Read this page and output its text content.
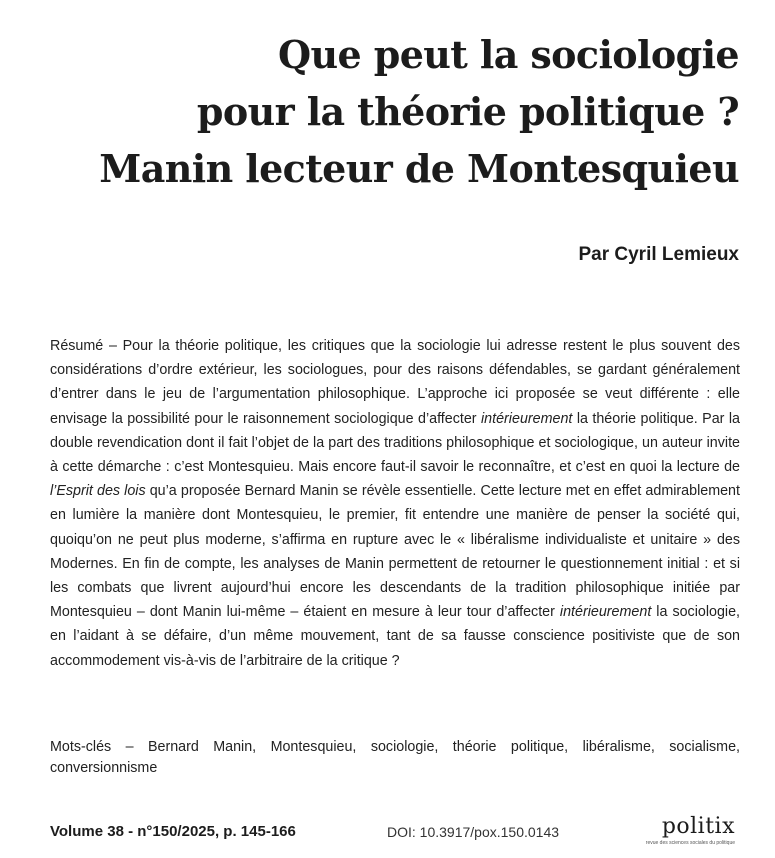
Que peut la sociologie
pour la théorie politique ?
Manin lecteur de Montesquieu
Par Cyril Lemieux

Résumé – Pour la théorie politique, les critiques que la sociologie lui adresse restent le plus souvent des considérations d’ordre extérieur, les sociologues, pour des raisons défendables, se gardant généralement d’entrer dans le jeu de l’argumentation philosophique. L’approche ici proposée se veut différente : elle envisage la possibilité pour le raisonnement sociologique d’affecter intérieurement la théorie politique. Par la double revendication dont il fait l’objet de la part des traditions philosophique et sociologique, un auteur invite à cette démarche : c’est Montesquieu. Mais encore faut-il savoir le reconnaître, et c’est en quoi la lecture de l’Esprit des lois qu’a proposée Bernard Manin se révèle essentielle. Cette lecture met en effet admirablement en lumière la manière dont Montesquieu, le premier, fit entendre une manière de penser la société qui, quoiqu’on ne peut plus moderne, s’affirma en rupture avec le « libéralisme individualiste et unitaire » des Modernes. En fin de compte, les analyses de Manin permettent de retourner le questionnement initial : et si les combats que livrent aujourd’hui encore les descendants de la tradition philosophique initiée par Montesquieu – dont Manin lui-même – étaient en mesure à leur tour d’affecter intérieurement la sociologie, en l’aidant à se défaire, d’un même mouvement, tant de sa fausse conscience positiviste que de son accommodement vis-à-vis de l’arbitraire de la critique ?

Mots-clés – Bernard Manin, Montesquieu, sociologie, théorie politique, libéralisme, socialisme, conversionnisme
Volume 38 - n°150/2025, p. 145-166	DOI: 10.3917/pox.150.0143	politix
revue des sciences sociales du politique
